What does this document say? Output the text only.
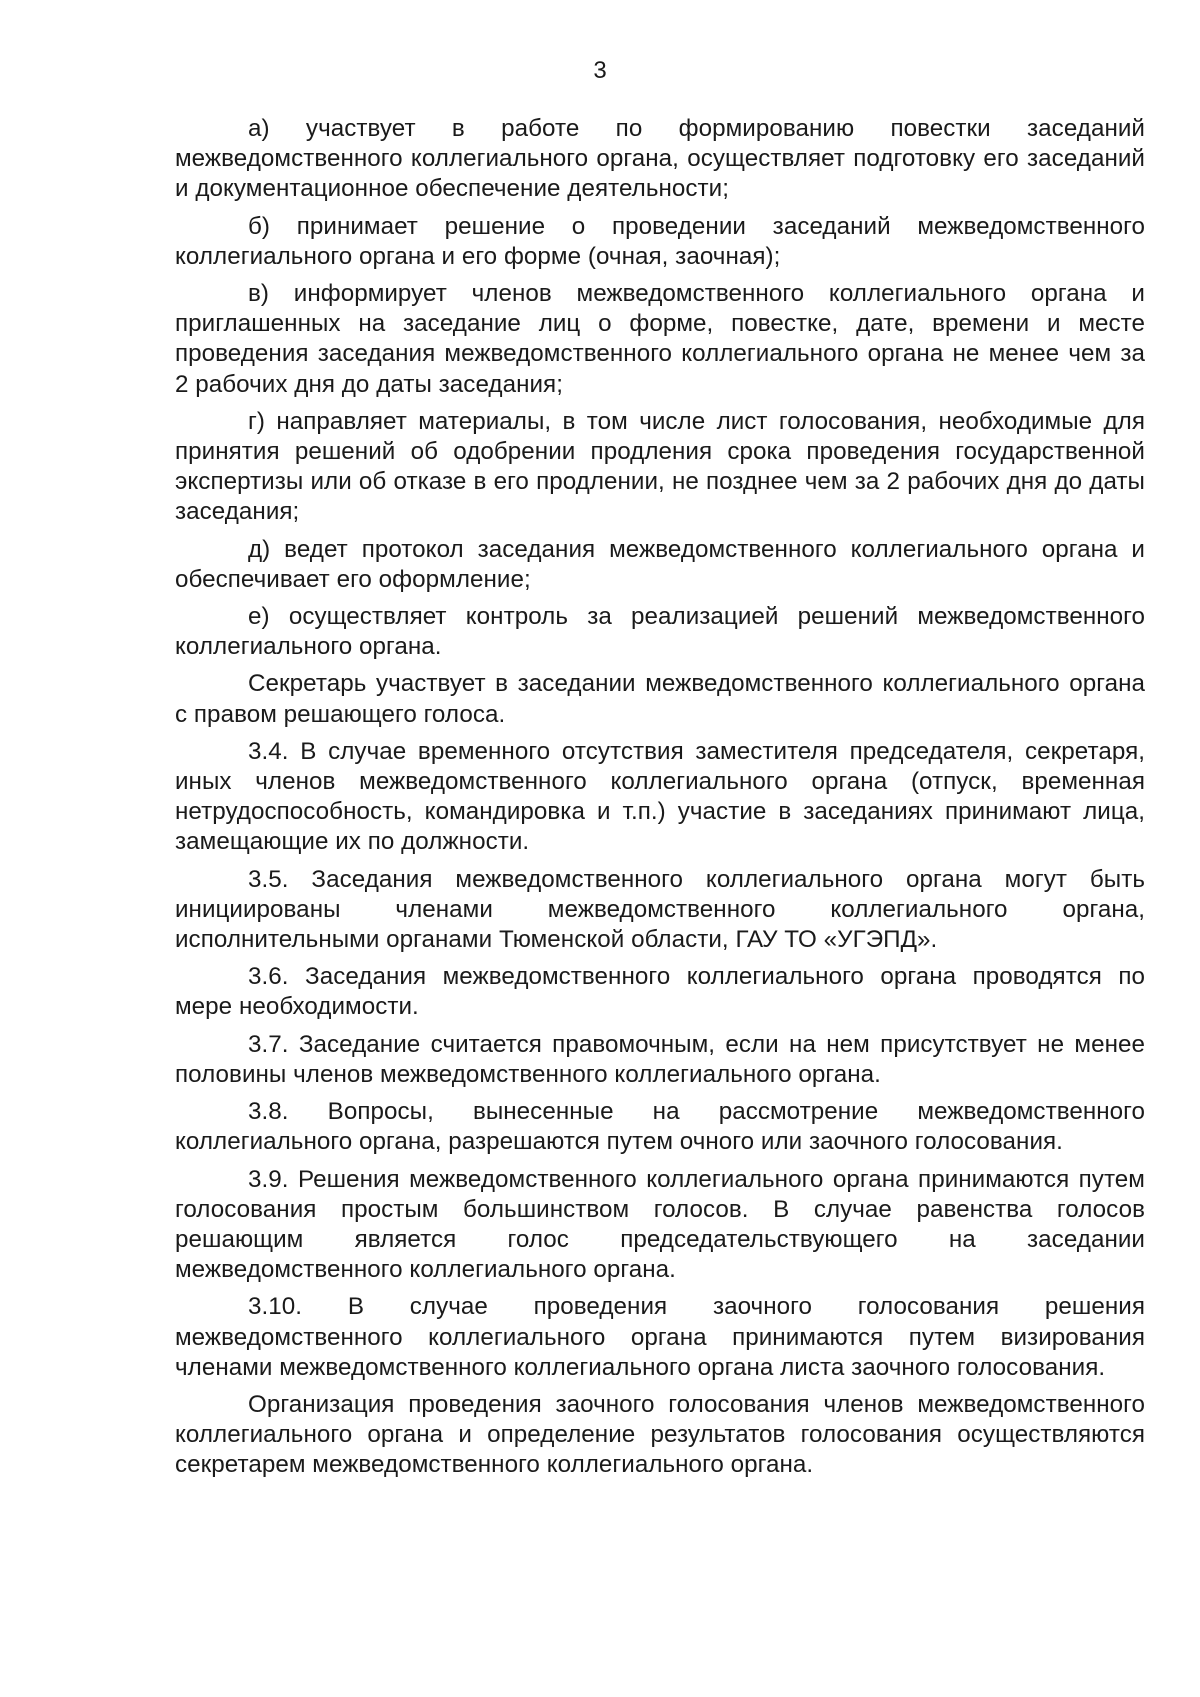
3

а) участвует в работе по формированию повестки заседаний межведомственного коллегиального органа, осуществляет подготовку его заседаний и документационное обеспечение деятельности;

б) принимает решение о проведении заседаний межведомственного коллегиального органа и его форме (очная, заочная);

в) информирует членов межведомственного коллегиального органа и приглашенных на заседание лиц о форме, повестке, дате, времени и месте проведения заседания межведомственного коллегиального органа не менее чем за 2 рабочих дня до даты заседания;

г) направляет материалы, в том числе лист голосования, необходимые для принятия решений об одобрении продления срока проведения государственной экспертизы или об отказе в его продлении, не позднее чем за 2 рабочих дня до даты заседания;

д) ведет протокол заседания межведомственного коллегиального органа и обеспечивает его оформление;

е) осуществляет контроль за реализацией решений межведомственного коллегиального органа.

Секретарь участвует в заседании межведомственного коллегиального органа с правом решающего голоса.

3.4. В случае временного отсутствия заместителя председателя, секретаря, иных членов межведомственного коллегиального органа (отпуск, временная нетрудоспособность, командировка и т.п.) участие в заседаниях принимают лица, замещающие их по должности.

3.5. Заседания межведомственного коллегиального органа могут быть инициированы членами межведомственного коллегиального органа, исполнительными органами Тюменской области, ГАУ ТО «УГЭПД».

3.6. Заседания межведомственного коллегиального органа проводятся по мере необходимости.

3.7. Заседание считается правомочным, если на нем присутствует не менее половины членов межведомственного коллегиального органа.

3.8. Вопросы, вынесенные на рассмотрение межведомственного коллегиального органа, разрешаются путем очного или заочного голосования.

3.9. Решения межведомственного коллегиального органа принимаются путем голосования простым большинством голосов. В случае равенства голосов решающим является голос председательствующего на заседании межведомственного коллегиального органа.

3.10. В случае проведения заочного голосования решения межведомственного коллегиального органа принимаются путем визирования членами межведомственного коллегиального органа листа заочного голосования.

Организация проведения заочного голосования членов межведомственного коллегиального органа и определение результатов голосования осуществляются секретарем межведомственного коллегиального органа.
